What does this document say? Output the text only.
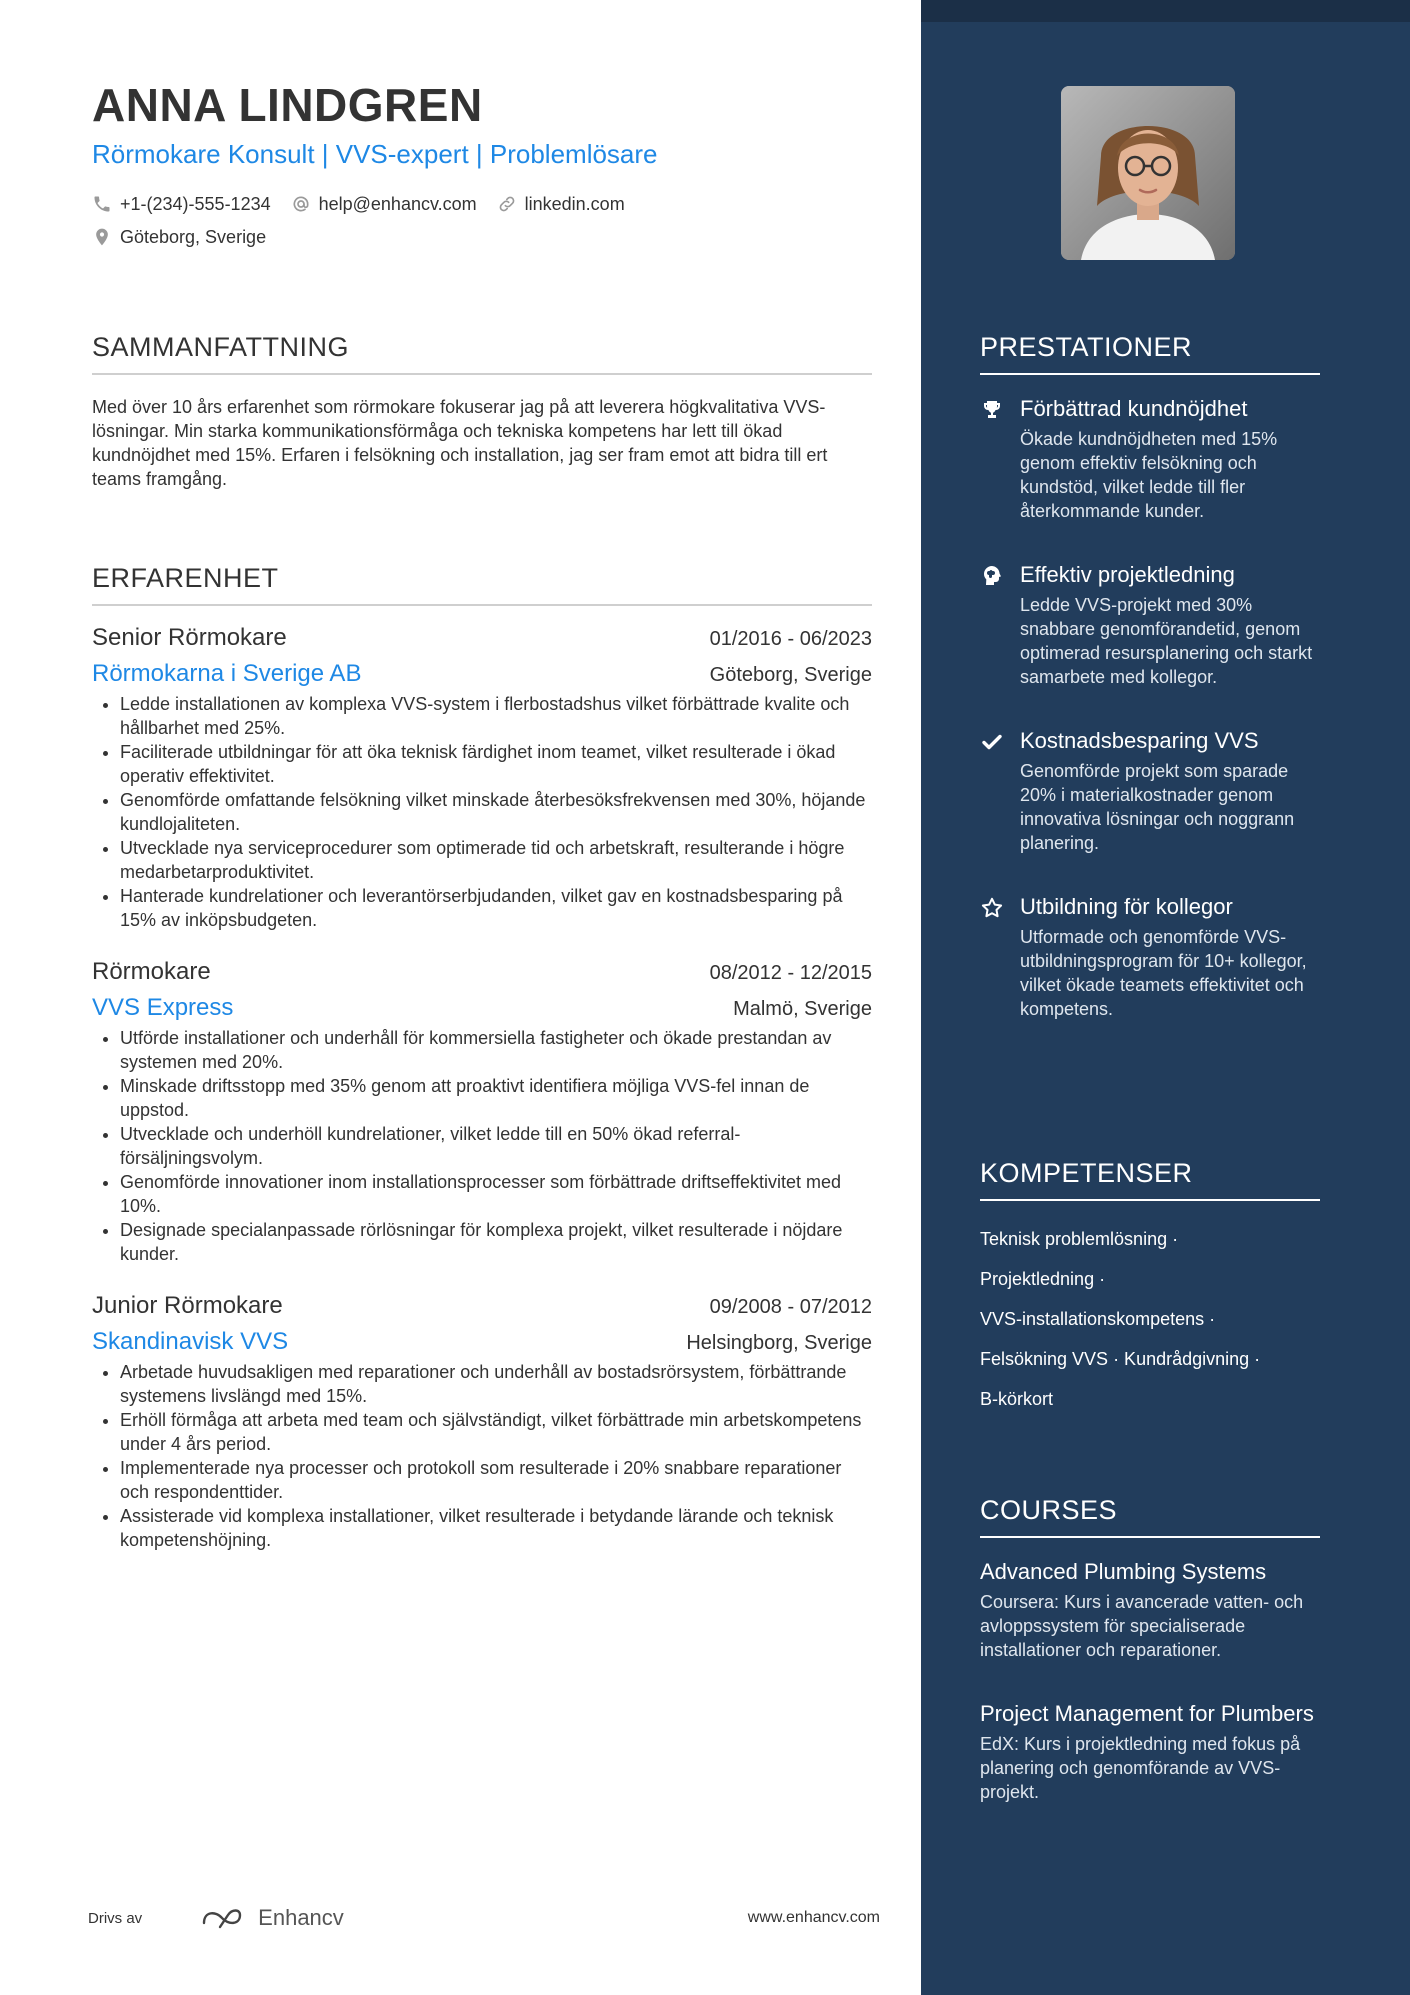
ANNA LINDGREN
Rörmokare Konsult | VVS-expert | Problemlösare
+1-(234)-555-1234	help@enhancv.com	linkedin.com
Göteborg, Sverige
SAMMANFATTNING

Med över 10 års erfarenhet som rörmokare fokuserar jag på att leverera högkvalitativa VVS-lösningar. Min starka kommunikationsförmåga och tekniska kompetens har lett till ökad kundnöjdhet med 15%. Erfaren i felsökning och installation, jag ser fram emot att bidra till ert teams framgång.

ERFARENHET
Senior Rörmokare	01/2016 - 06/2023
Rörmokarna i Sverige AB	Göteborg, Sverige
• Ledde installationen av komplexa VVS-system i flerbostadshus vilket förbättrade kvalite och hållbarhet med 25%.
• Faciliterade utbildningar för att öka teknisk färdighet inom teamet, vilket resulterade i ökad operativ effektivitet.
• Genomförde omfattande felsökning vilket minskade återbesöksfrekvensen med 30%, höjande kundlojaliteten.
• Utvecklade nya serviceprocedurer som optimerade tid och arbetskraft, resulterande i högre medarbetarproduktivitet.
• Hanterade kundrelationer och leverantörserbjudanden, vilket gav en kostnadsbesparing på 15% av inköpsbudgeten.
Rörmokare	08/2012 - 12/2015
VVS Express	Malmö, Sverige
• Utförde installationer och underhåll för kommersiella fastigheter och ökade prestandan av systemen med 20%.
• Minskade driftsstopp med 35% genom att proaktivt identifiera möjliga VVS-fel innan de uppstod.
• Utvecklade och underhöll kundrelationer, vilket ledde till en 50% ökad referral-försäljningsvolym.
• Genomförde innovationer inom installationsprocesser som förbättrade driftseffektivitet med 10%.
• Designade specialanpassade rörlösningar för komplexa projekt, vilket resulterade i nöjdare kunder.
Junior Rörmokare	09/2008 - 07/2012
Skandinavisk VVS	Helsingborg, Sverige
• Arbetade huvudsakligen med reparationer och underhåll av bostadsrörsystem, förbättrande systemens livslängd med 15%.
• Erhöll förmåga att arbeta med team och självständigt, vilket förbättrade min arbetskompetens under 4 års period.
• Implementerade nya processer och protokoll som resulterade i 20% snabbare reparationer och respondenttider.
• Assisterade vid komplexa installationer, vilket resulterade i betydande lärande och teknisk kompetenshöjning.
Drivs av	Enhancv	www.enhancv.com
PRESTATIONER
Förbättrad kundnöjdhet
Ökade kundnöjdheten med 15% genom effektiv felsökning och kundstöd, vilket ledde till fler återkommande kunder.
Effektiv projektledning
Ledde VVS-projekt med 30% snabbare genomförandetid, genom optimerad resursplanering och starkt samarbete med kollegor.
Kostnadsbesparing VVS
Genomförde projekt som sparade 20% i materialkostnader genom innovativa lösningar och noggrann planering.
Utbildning för kollegor
Utformade och genomförde VVS-utbildningsprogram för 10+ kollegor, vilket ökade teamets effektivitet och kompetens.
KOMPETENSER
Teknisk problemlösning ·
Projektledning ·
VVS-installationskompetens ·
Felsökning VVS · Kundrådgivning ·
B-körkort
COURSES
Advanced Plumbing Systems
Coursera: Kurs i avancerade vatten- och avloppssystem för specialiserade installationer och reparationer.
Project Management for Plumbers
EdX: Kurs i projektledning med fokus på planering och genomförande av VVS-projekt.
